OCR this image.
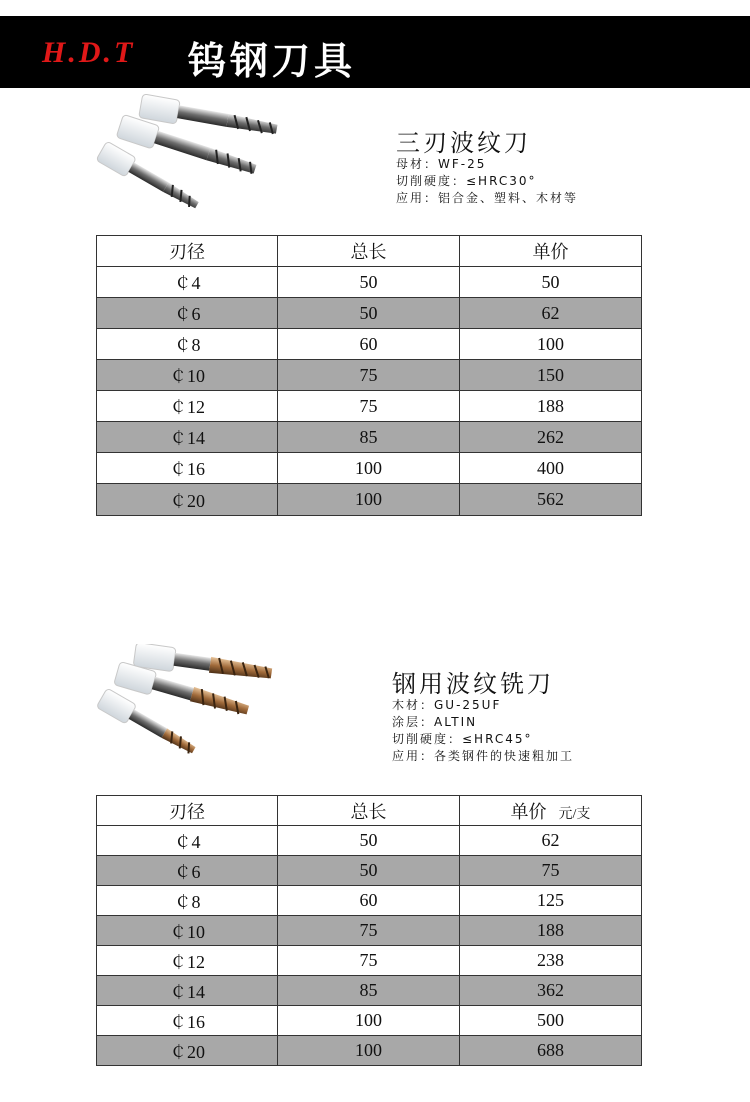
H.D.T 钨钢刀具
三刃波纹刀
母材：WF-25
切削硬度：≤HRC30°
应用：铝合金、塑料、木材等
刃径	总长	单价
￠4	50	50
￠6	50	62
￠8	60	100
￠10	75	150
￠12	75	188
￠14	85	262
￠16	100	400
￠20	100	562
钢用波纹铣刀
木材：GU-25UF
涂层：ALTIN
切削硬度：≤HRC45°
应用：各类钢件的快速粗加工
刃径	总长	单价 元/支
￠4	50	62
￠6	50	75
￠8	60	125
￠10	75	188
￠12	75	238
￠14	85	362
￠16	100	500
￠20	100	688
